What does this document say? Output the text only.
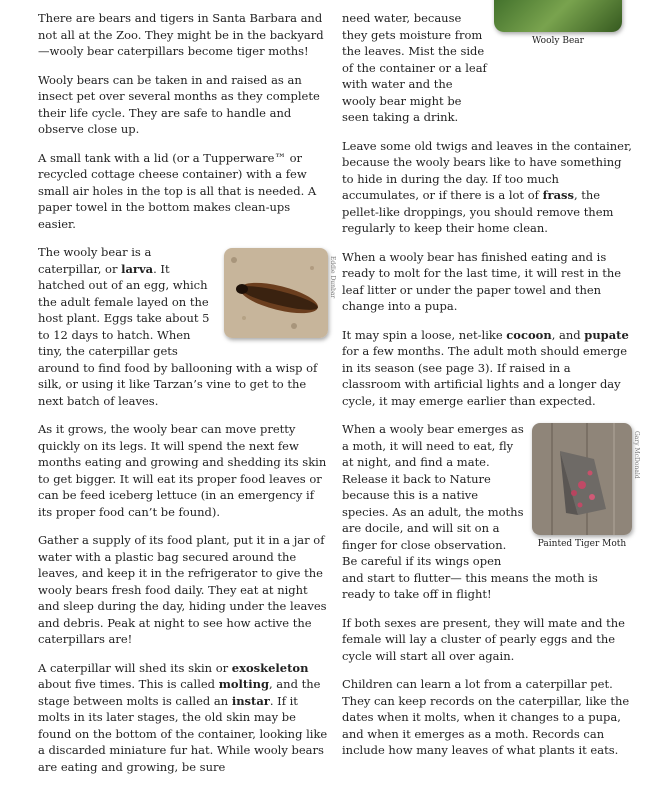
There are bears and tigers in Santa Barbara and not all at the Zoo. They might be in the backyard—wooly bear caterpillars become tiger moths!

Wooly bears can be taken in and raised as an insect pet over several months as they complete their life cycle. They are safe to handle and observe close up.

A small tank with a lid (or a Tupperware™ or recycled cottage cheese container) with a few small air holes in the top is all that is needed. A paper towel in the bottom makes clean-ups easier.

Eddie Dunbar

The wooly bear is a caterpillar, or larva. It hatched out of an egg, which the adult female layed on the host plant. Eggs take about 5 to 12 days to hatch. When tiny, the caterpillar gets around to find food by ballooning with a wisp of silk, or using it like Tarzan’s vine to get to the next batch of leaves.

As it grows, the wooly bear can move pretty quickly on its legs. It will spend the next few months eating and growing and shedding its skin to get bigger. It will eat its proper food leaves or can be feed iceberg lettuce (in an emergency if its proper food can’t be found).

Gather a supply of its food plant, put it in a jar of water with a plastic bag secured around the leaves, and keep it in the refrigerator to give the wooly bears fresh food daily. They eat at night and sleep during the day, hiding under the leaves and debris. Peak at night to see how active the caterpillars are!

A caterpillar will shed its skin or exoskeleton about five times. This is called molting, and the stage between molts is called an instar. If it molts in its later stages, the old skin may be found on the bottom of the container, looking like a discarded miniature fur hat. While wooly bears are eating and growing, be sure

Wooly Bear

need water, because they gets moisture from the leaves. Mist the side of the container or a leaf with water and the wooly bear might be seen taking a drink.

Leave some old twigs and leaves in the container, because the wooly bears like to have something to hide in during the day. If too much accumulates, or if there is a lot of frass, the pellet-like droppings, you should remove them regularly to keep their home clean.

When a wooly bear has finished eating and is ready to molt for the last time, it will rest in the leaf litter or under the paper towel and then change into a pupa.

It may spin a loose, net-like cocoon, and pupate for a few months. The adult moth should emerge in its season (see page 3). If raised in a classroom with artificial lights and a longer day cycle, it may emerge earlier than expected.

Gary McDonald
Painted Tiger Moth

When a wooly bear emerges as a moth, it will need to eat, fly at night, and find a mate. Release it back to Nature because this is a native species. As an adult, the moths are docile, and will sit on a finger for close observation. Be careful if its wings open and start to flutter— this means the moth is ready to take off in flight!

If both sexes are present, they will mate and the female will lay a cluster of pearly eggs and the cycle will start all over again.

Children can learn a lot from a caterpillar pet. They can keep records on the caterpillar, like the dates when it molts, when it changes to a pupa, and when it emerges as a moth. Records can include how many leaves of what plants it eats.
